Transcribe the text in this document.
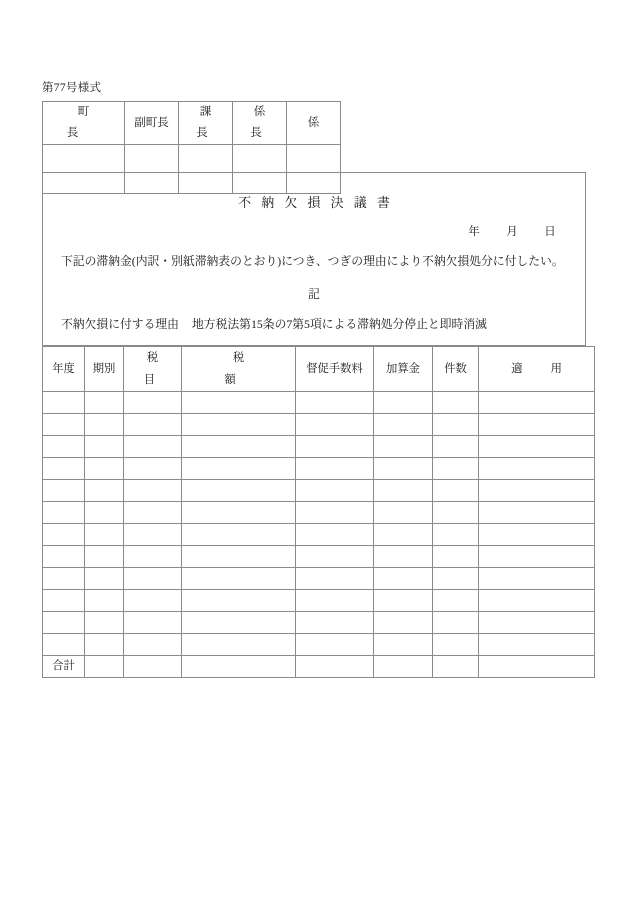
第77号様式
町　　長	副町長	課　長	係　長	係

不納欠損決議書
年 月 日
下記の滞納金(内訳・別紙滞納表のとおり)につき、つぎの理由により不納欠損処分に付したい。
記
不納欠損に付する理由 地方税法第15条の7第5項による滞納処分停止と即時消滅
年度	期別	税　目	税　　額	督促手数料	加算金	件数	適　用

合計							
